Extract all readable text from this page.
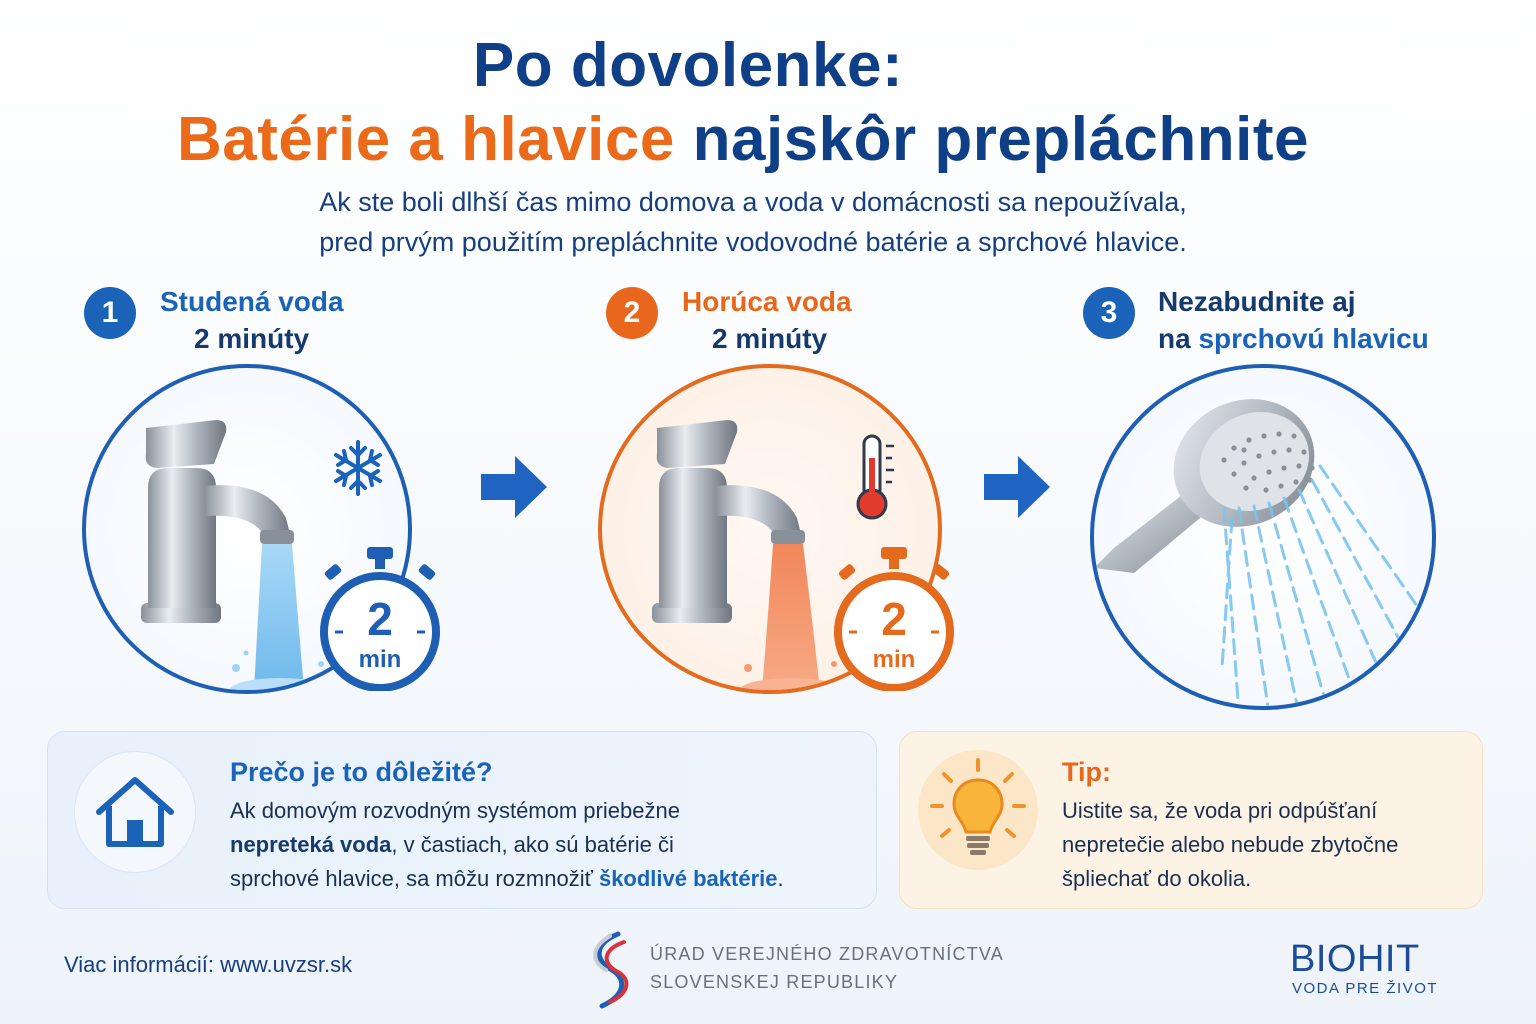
Po dovolenke:
Batérie a hlavice najskôr prepláchnite
Ak ste boli dlhší čas mimo domova a voda v domácnosti sa nepoužívala,
pred prvým použitím prepláchnite vodovodné batérie a sprchové hlavice.
1	Studená voda
2 minúty
2
min
2	Horúca voda
2 minúty
2
min
3	Nezabudnite aj
na sprchovú hlavicu
Prečo je to dôležité?
Ak domovým rozvodným systémom priebežne
nepreteká voda, v častiach, ako sú batérie či
sprchové hlavice, sa môžu rozmnožiť škodlivé baktérie.
Tip:
Uistite sa, že voda pri odpúšťaní
nepretečie alebo nebude zbytočne
špliechať do okolia.
Viac informácií: www.uvzsr.sk	ÚRAD VEREJNÉHO ZDRAVOTNÍCTVA
SLOVENSKEJ REPUBLIKY
BIOHIT
VODA PRE ŽIVOT
